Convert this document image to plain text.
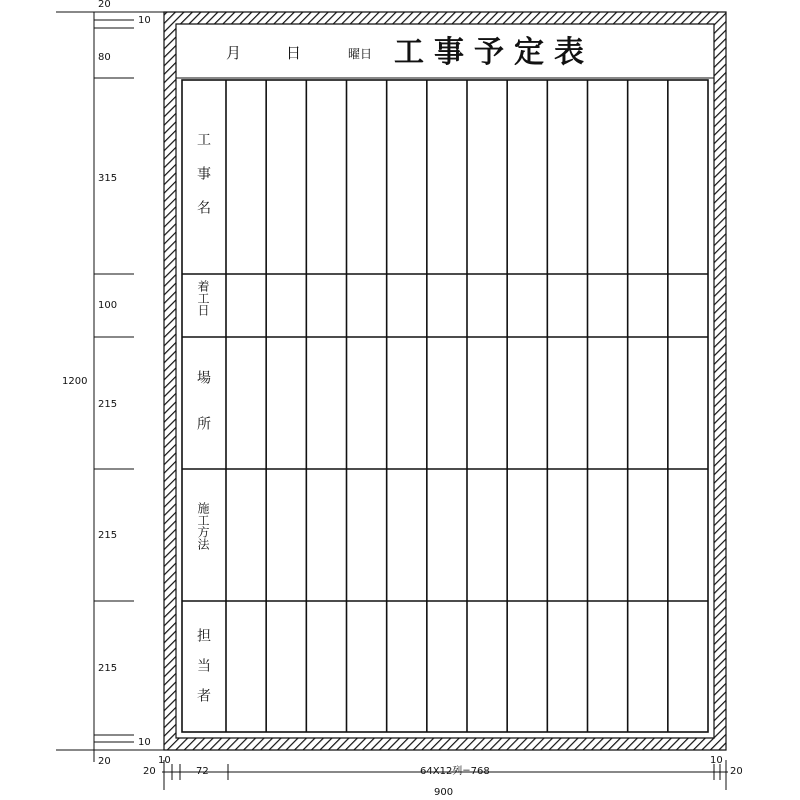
月	日	曜日 工事予定表
工事名
着工日
場所
施工方法
担当者
20
10
80
315
100
1200
215
215
215
10
20
20
10
72	64X12列=768
10
20
900
